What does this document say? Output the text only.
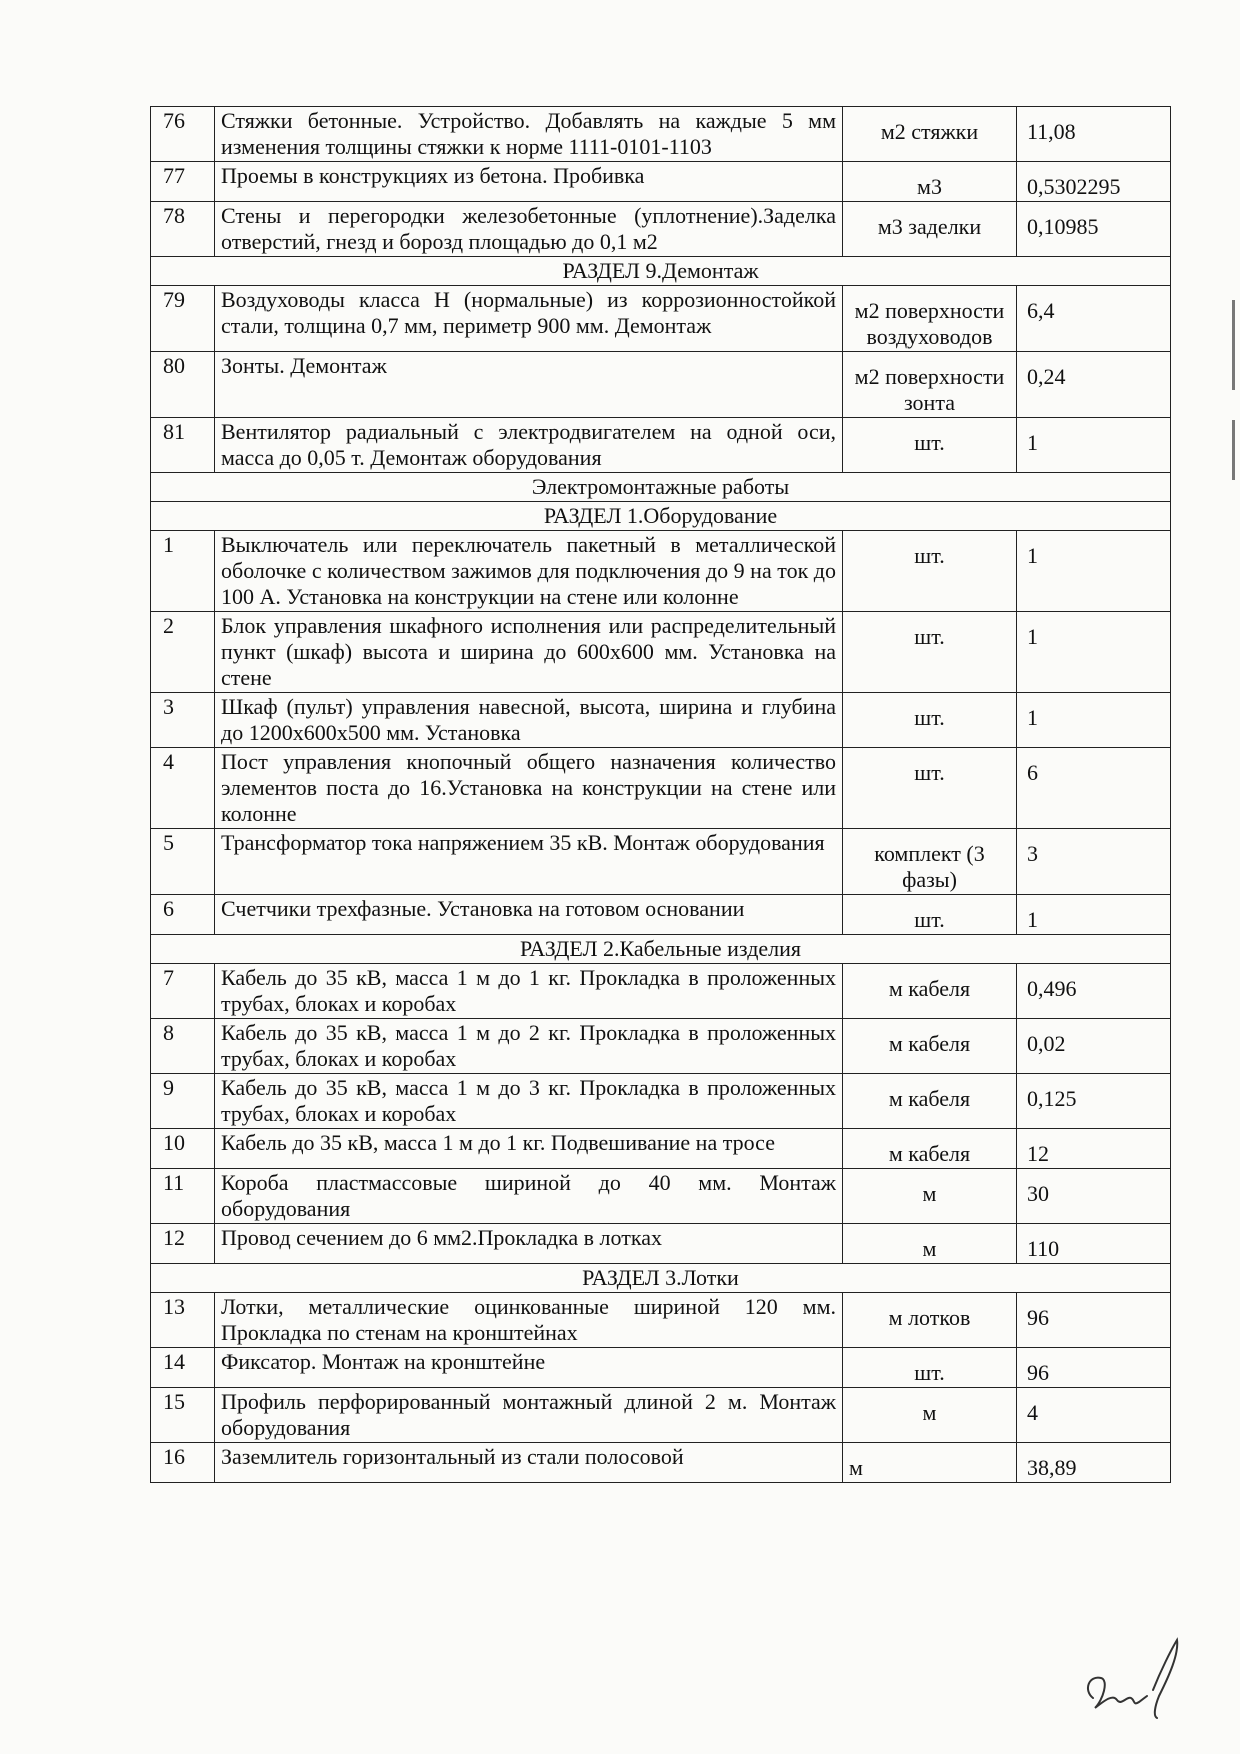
76	Стяжки бетонные. Устройство. Добавлять на каждые 5 мм изменения толщины стяжки к норме 1111-0101-1103	м2 стяжки	11,08
77	Проемы в конструкциях из бетона. Пробивка	м3	0,5302295
78	Стены и перегородки железобетонные (уплотнение).Заделка отверстий, гнезд и борозд площадью до 0,1 м2	м3 заделки	0,10985
РАЗДЕЛ 9.Демонтаж			
79	Воздуховоды класса Н (нормальные) из коррозионностойкой стали, толщина 0,7 мм, периметр 900 мм. Демонтаж	м2 поверхности воздуховодов	6,4
80	Зонты. Демонтаж	м2 поверхности зонта	0,24
81	Вентилятор радиальный с электродвигателем на одной оси, масса до 0,05 т. Демонтаж оборудования	шт.	1
Электромонтажные работы			
РАЗДЕЛ 1.Оборудование			
1	Выключатель или переключатель пакетный в металлической оболочке с количеством зажимов для подключения до 9 на ток до 100 А. Установка на конструкции на стене или колонне	шт.	1
2	Блок управления шкафного исполнения или распределительный пункт (шкаф) высота и ширина до 600х600 мм. Установка на стене	шт.	1
3	Шкаф (пульт) управления навесной, высота, ширина и глубина до 1200х600х500 мм. Установка	шт.	1
4	Пост управления кнопочный общего назначения количество элементов поста до 16.Установка на конструкции на стене или колонне	шт.	6
5	Трансформатор тока напряжением 35 кВ. Монтаж оборудования	комплект (3 фазы)	3
6	Счетчики трехфазные. Установка на готовом основании	шт.	1
РАЗДЕЛ 2.Кабельные изделия			
7	Кабель до 35 кВ, масса 1 м до 1 кг. Прокладка в проложенных трубах, блоках и коробах	м кабеля	0,496
8	Кабель до 35 кВ, масса 1 м до 2 кг. Прокладка в проложенных трубах, блоках и коробах	м кабеля	0,02
9	Кабель до 35 кВ, масса 1 м до 3 кг. Прокладка в проложенных трубах, блоках и коробах	м кабеля	0,125
10	Кабель до 35 кВ, масса 1 м до 1 кг. Подвешивание на тросе	м кабеля	12
11	Короба пластмассовые шириной до 40 мм. Монтаж оборудования	м	30
12	Провод сечением до 6 мм2.Прокладка в лотках	м	110
РАЗДЕЛ 3.Лотки			
13	Лотки, металлические оцинкованные шириной 120 мм. Прокладка по стенам на кронштейнах	м лотков	96
14	Фиксатор. Монтаж на кронштейне	шт.	96
15	Профиль перфорированный монтажный длиной 2 м. Монтаж оборудования	м	4
16	Заземлитель горизонтальный из стали полосовой	м	38,89
